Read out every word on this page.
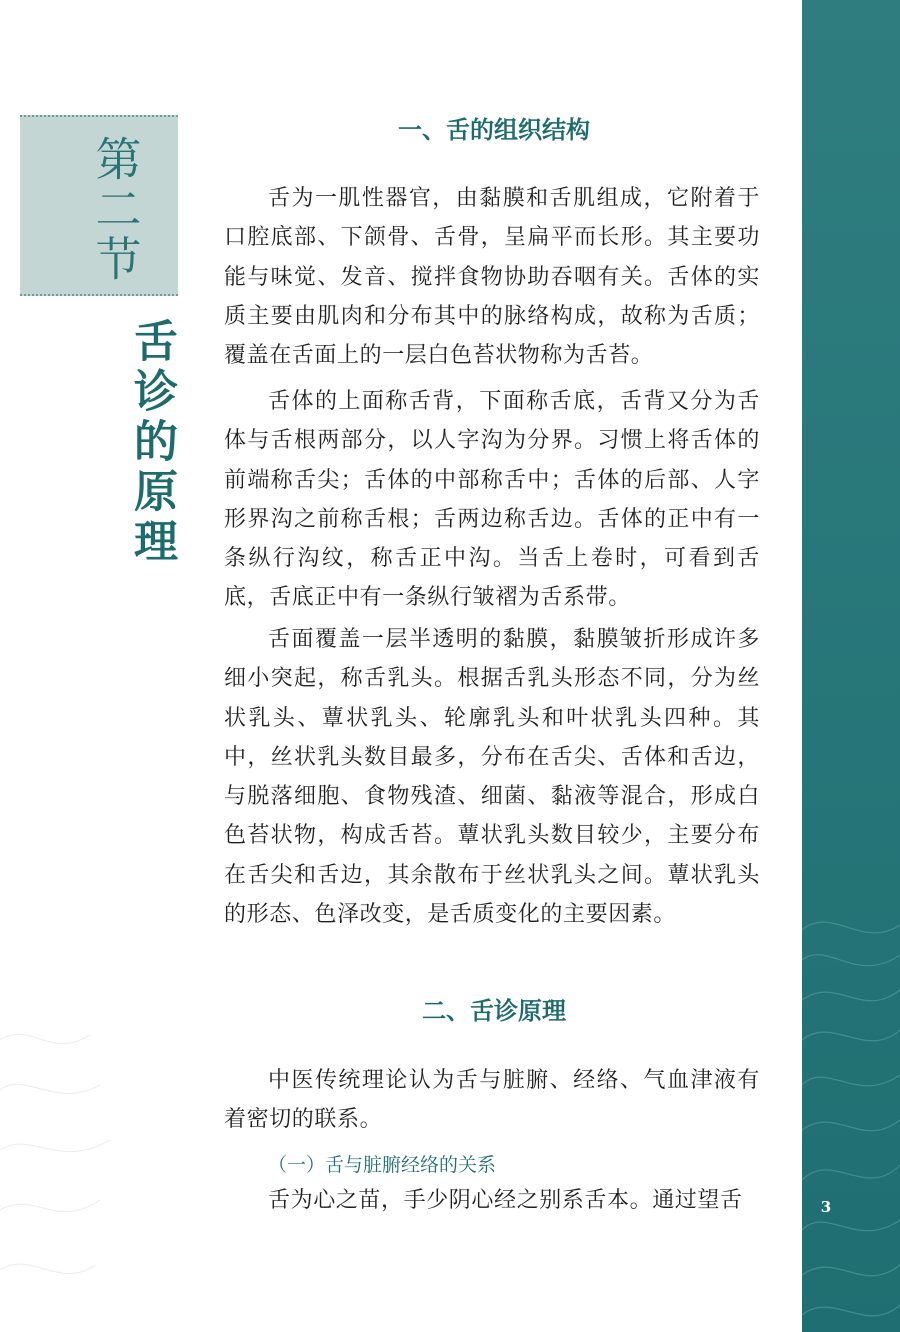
3
第二节
舌诊的原理
一、舌的组织结构

舌为一肌性器官，由黏膜和舌肌组成，它附着于口腔底部、下颌骨、舌骨，呈扁平而长形。其主要功能与味觉、发音、搅拌食物协助吞咽有关。舌体的实质主要由肌肉和分布其中的脉络构成，故称为舌质；覆盖在舌面上的一层白色苔状物称为舌苔。

舌体的上面称舌背，下面称舌底，舌背又分为舌体与舌根两部分，以人字沟为分界。习惯上将舌体的前端称舌尖；舌体的中部称舌中；舌体的后部、人字形界沟之前称舌根；舌两边称舌边。舌体的正中有一条纵行沟纹，称舌正中沟。当舌上卷时，可看到舌底，舌底正中有一条纵行皱褶为舌系带。

舌面覆盖一层半透明的黏膜，黏膜皱折形成许多细小突起，称舌乳头。根据舌乳头形态不同，分为丝状乳头、蕈状乳头、轮廓乳头和叶状乳头四种。其中，丝状乳头数目最多，分布在舌尖、舌体和舌边，与脱落细胞、食物残渣、细菌、黏液等混合，形成白色苔状物，构成舌苔。蕈状乳头数目较少，主要分布在舌尖和舌边，其余散布于丝状乳头之间。蕈状乳头的形态、色泽改变，是舌质变化的主要因素。

二、舌诊原理

中医传统理论认为舌与脏腑、经络、气血津液有着密切的联系。

（一）舌与脏腑经络的关系

舌为心之苗，手少阴心经之别系舌本。通过望舌
